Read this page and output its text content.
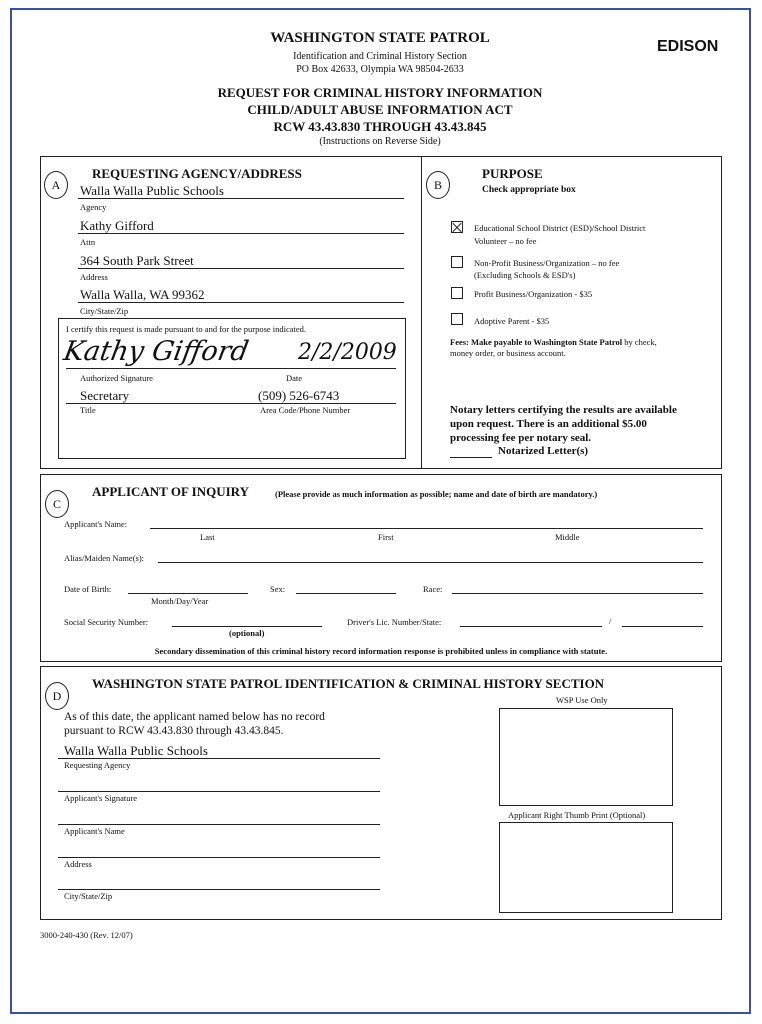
WASHINGTON STATE PATROL
Identification and Criminal History Section
PO Box 42633, Olympia WA 98504-2633
EDISON
REQUEST FOR CRIMINAL HISTORY INFORMATION
CHILD/ADULT ABUSE INFORMATION ACT
RCW 43.43.830 THROUGH 43.43.845
(Instructions on Reverse Side)
A
REQUESTING AGENCY/ADDRESS
Walla Walla Public Schools
Agency
Kathy Gifford
Attn
364 South Park Street
Address
Walla Walla, WA 99362
City/State/Zip
I certify this request is made pursuant to and for the purpose indicated.
Kathy Gifford 2/2/2009
Authorized Signature	Date
Secretary	(509) 526-6743
Title	Area Code/Phone Number
B
PURPOSE
Check appropriate box
Educational School District (ESD)/School District
Volunteer – no fee
Non-Profit Business/Organization – no fee
(Excluding Schools & ESD's)
Profit Business/Organization - $35
Adoptive Parent - $35
Fees: Make payable to Washington State Patrol by check,
money order, or business account.
Notary letters certifying the results are available
upon request. There is an additional $5.00
processing fee per notary seal.
Notarized Letter(s)
C
APPLICANT OF INQUIRY	(Please provide as much information as possible; name and date of birth are mandatory.)
Applicant's Name:
Last	First	Middle
Alias/Maiden Name(s):
Date of Birth:
Month/Day/Year
Sex:	Race:
Social Security Number:
(optional)
Driver's Lic. Number/State:	/
Secondary dissemination of this criminal history record information response is prohibited unless in compliance with statute.
D
WASHINGTON STATE PATROL IDENTIFICATION & CRIMINAL HISTORY SECTION
WSP Use Only
As of this date, the applicant named below has no record
pursuant to RCW 43.43.830 through 43.43.845.
Walla Walla Public Schools
Requesting Agency
Applicant's Signature
Applicant's Name
Address
City/State/Zip
Applicant Right Thumb Print (Optional)
3000-240-430 (Rev. 12/07)
